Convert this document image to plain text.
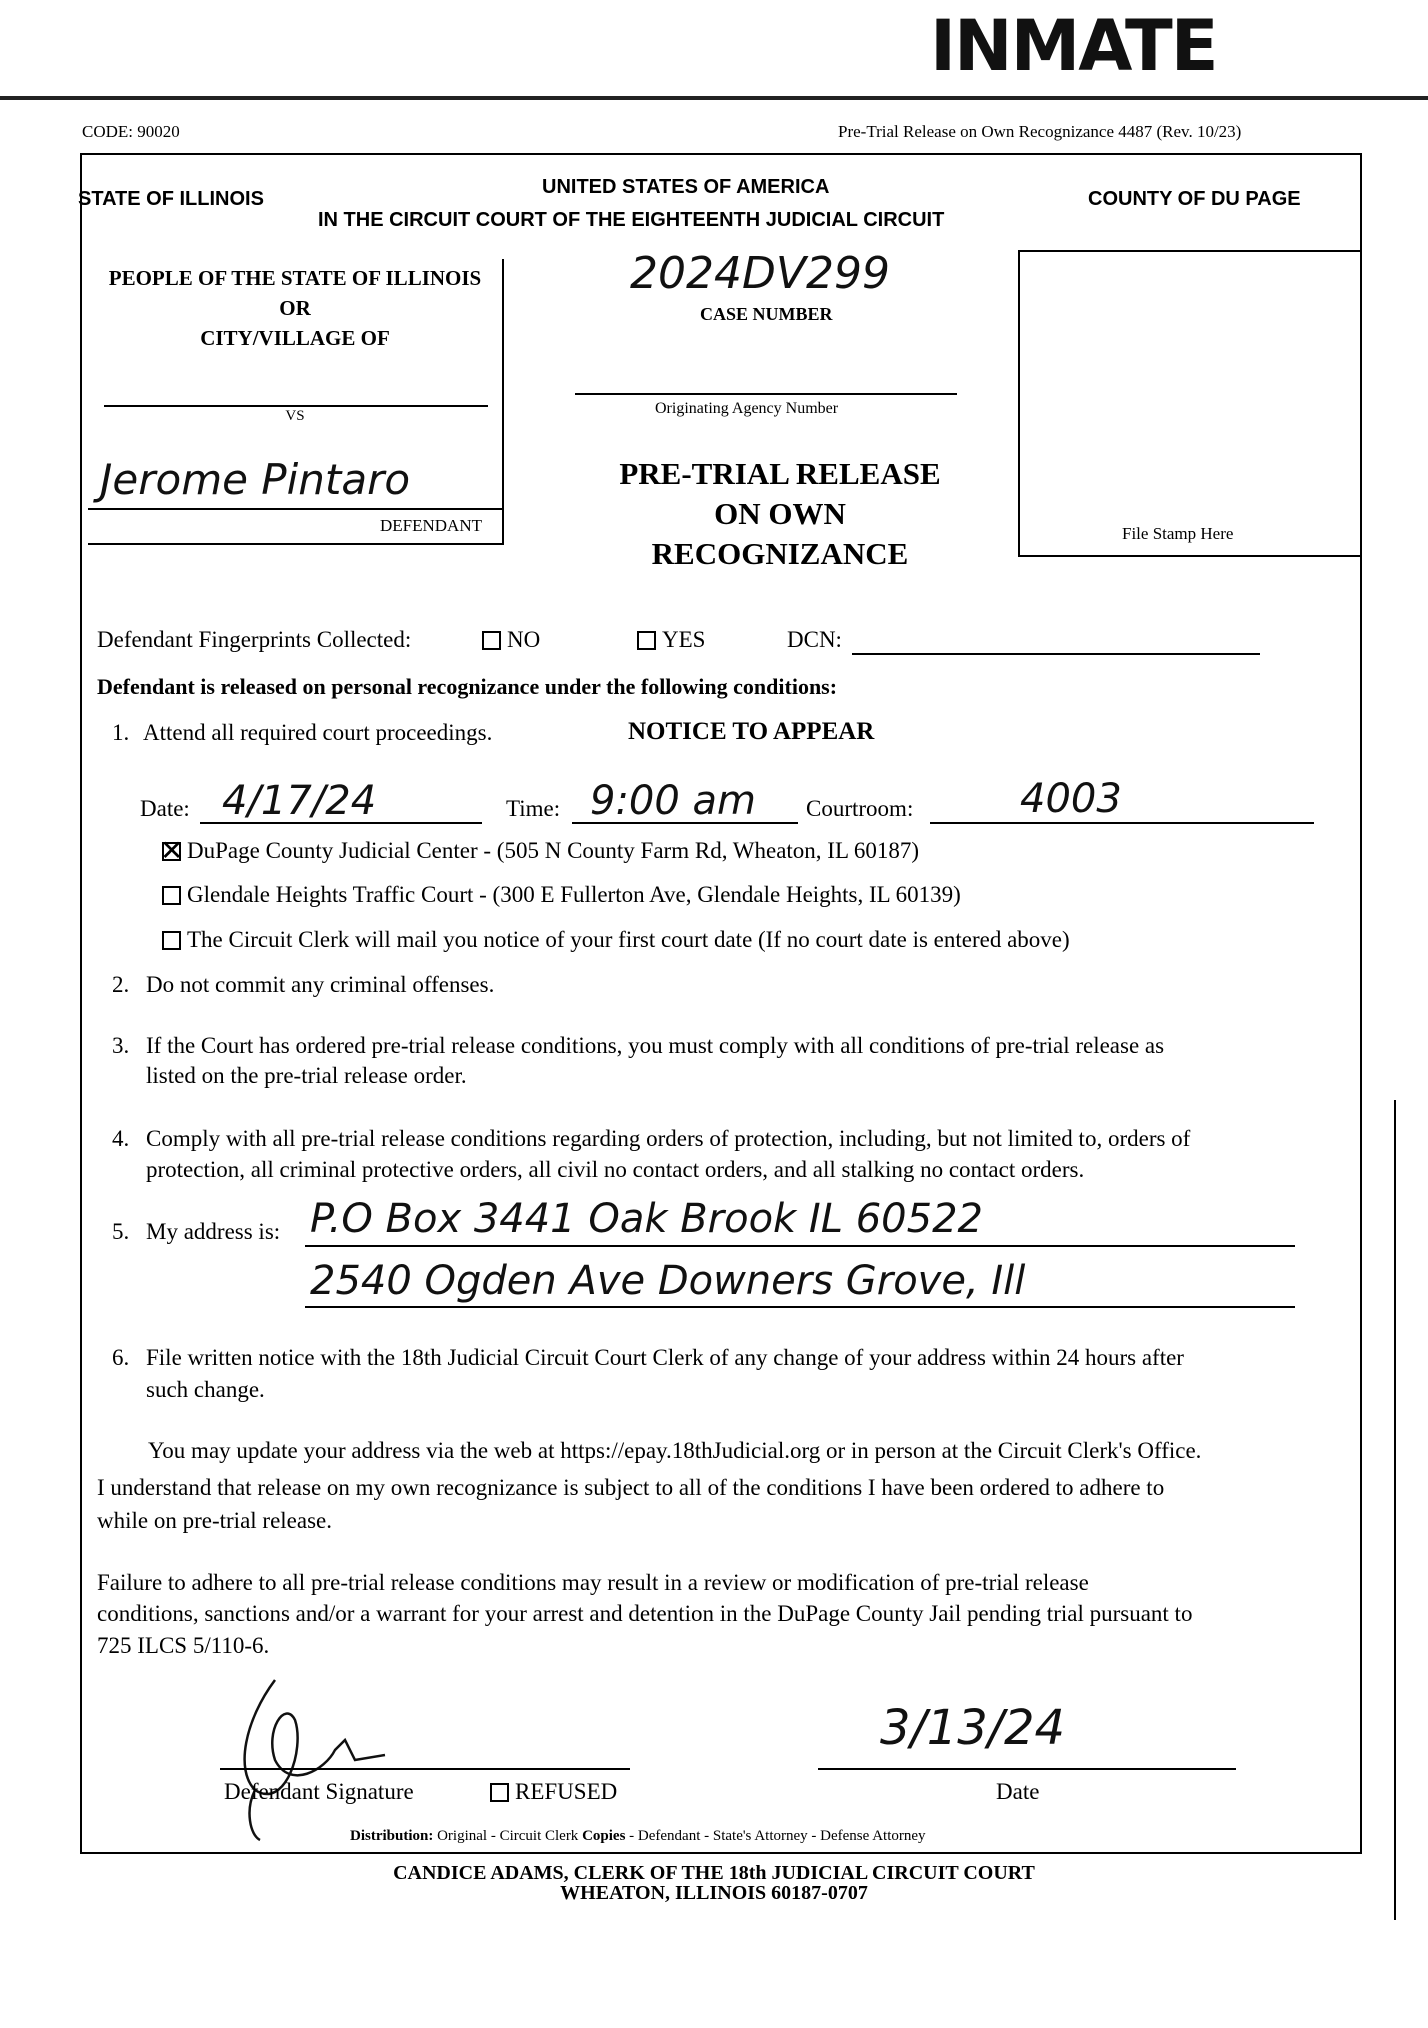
CODE: 90020	Pre-Trial Release on Own Recognizance 4487 (Rev. 10/23)
INMATE
STATE OF ILLINOIS
UNITED STATES OF AMERICA
COUNTY OF DU PAGE
IN THE CIRCUIT COURT OF THE EIGHTEENTH JUDICIAL CIRCUIT
PEOPLE OF THE STATE OF ILLINOIS
OR
CITY/VILLAGE OF
VS
Jerome Pintaro
DEFENDANT
2024DV299
CASE NUMBER
Originating Agency Number
PRE-TRIAL RELEASE
ON OWN
RECOGNIZANCE
File Stamp Here
Defendant Fingerprints Collected:	NO	YES	DCN:
Defendant is released on personal recognizance under the following conditions:
1. Attend all required court proceedings.	NOTICE TO APPEAR
Date: 4/17/24	Time: 9:00 am Courtroom:	4003
✕DuPage County Judicial Center - (505 N County Farm Rd, Wheaton, IL 60187)
Glendale Heights Traffic Court - (300 E Fullerton Ave, Glendale Heights, IL 60139)
The Circuit Clerk will mail you notice of your first court date (If no court date is entered above)
2. Do not commit any criminal offenses.
3. If the Court has ordered pre-trial release conditions, you must comply with all conditions of pre-trial release as
listed on the pre-trial release order.
4. Comply with all pre-trial release conditions regarding orders of protection, including, but not limited to, orders of
protection, all criminal protective orders, all civil no contact orders, and all stalking no contact orders.
5. My address is: P.O Box 3441 Oak Brook IL 60522
2540 Ogden Ave Downers Grove, Ill
6. File written notice with the 18th Judicial Circuit Court Clerk of any change of your address within 24 hours after
such change.
You may update your address via the web at https://epay.18thJudicial.org or in person at the Circuit Clerk's Office.
I understand that release on my own recognizance is subject to all of the conditions I have been ordered to adhere to
while on pre-trial release.
Failure to adhere to all pre-trial release conditions may result in a review or modification of pre-trial release
conditions, sanctions and/or a warrant for your arrest and detention in the DuPage County Jail pending trial pursuant to
725 ILCS 5/110-6.
Defendant Signature	REFUSED
3/13/24
Date
Distribution: Original - Circuit Clerk Copies - Defendant - State's Attorney - Defense Attorney
CANDICE ADAMS, CLERK OF THE 18th JUDICIAL CIRCUIT COURT
WHEATON, ILLINOIS 60187-0707
